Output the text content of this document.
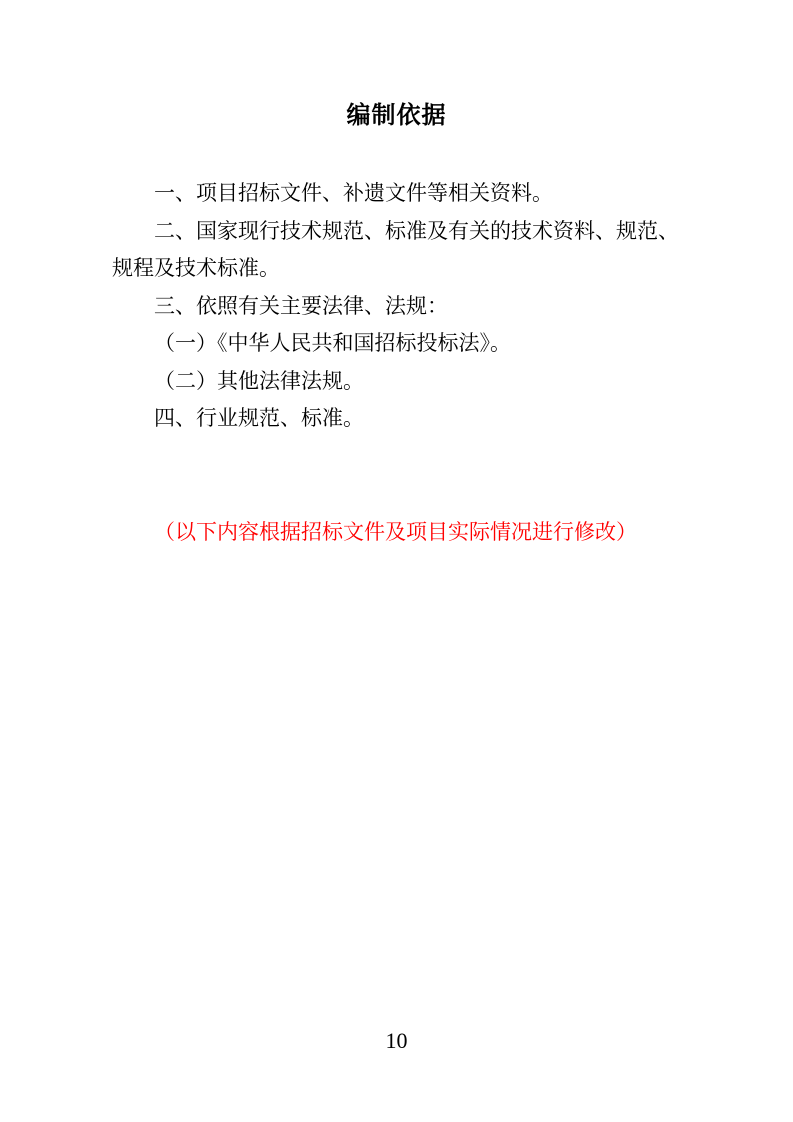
编制依据
一、项目招标文件、补遗文件等相关资料。
二、国家现行技术规范、标准及有关的技术资料、规范、
规程及技术标准。
三、依照有关主要法律、法规：
（一）《中华人民共和国招标投标法》。
（二）其他法律法规。
四、行业规范、标准。
（以下内容根据招标文件及项目实际情况进行修改）
10
